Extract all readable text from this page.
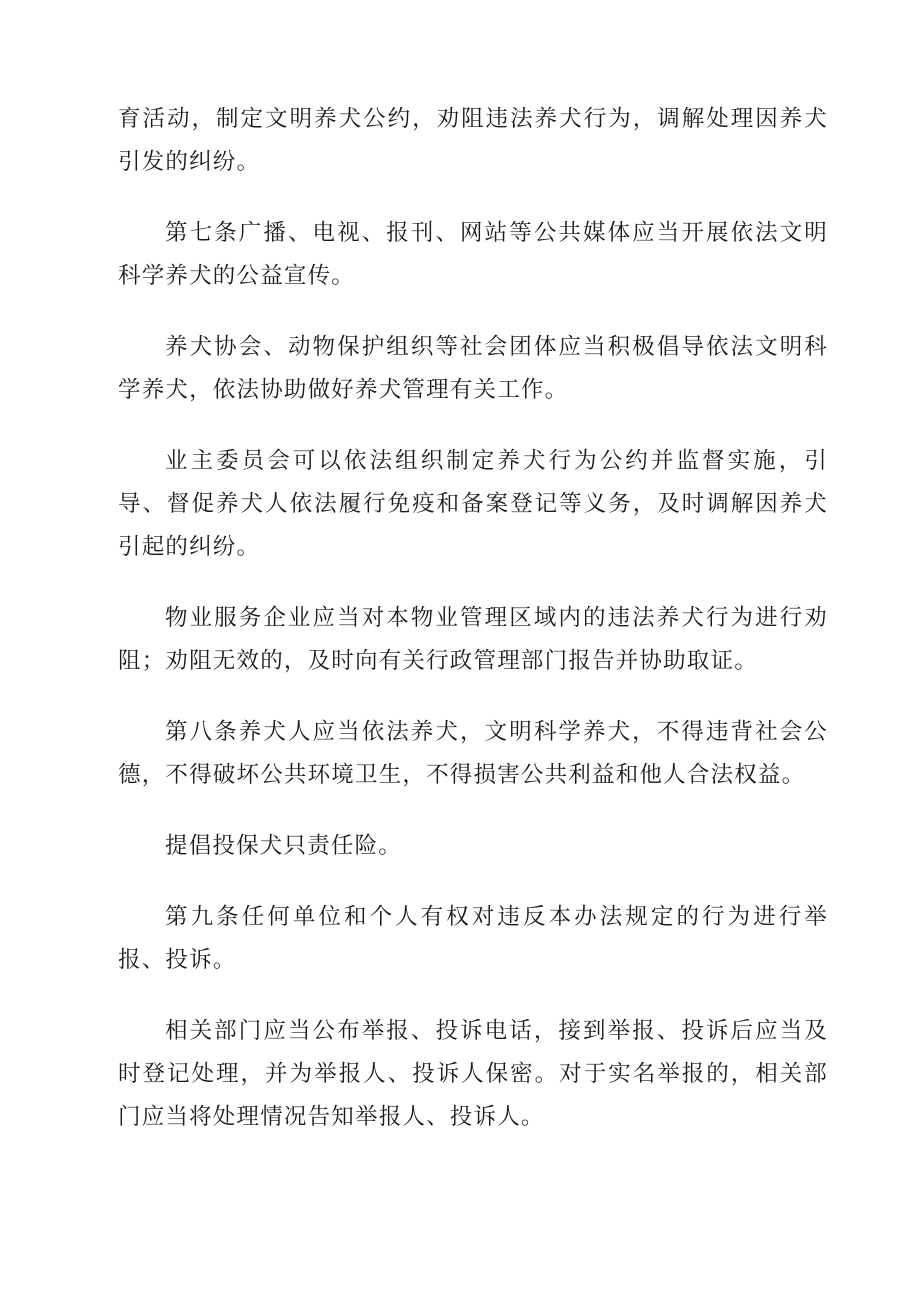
育活动，制定文明养犬公约，劝阻违法养犬行为，调解处理因养犬引发的纠纷。

第七条广播、电视、报刊、网站等公共媒体应当开展依法文明科学养犬的公益宣传。

养犬协会、动物保护组织等社会团体应当积极倡导依法文明科学养犬，依法协助做好养犬管理有关工作。

业主委员会可以依法组织制定养犬行为公约并监督实施，引导、督促养犬人依法履行免疫和备案登记等义务，及时调解因养犬引起的纠纷。

物业服务企业应当对本物业管理区域内的违法养犬行为进行劝阻；劝阻无效的，及时向有关行政管理部门报告并协助取证。

第八条养犬人应当依法养犬，文明科学养犬，不得违背社会公德，不得破坏公共环境卫生，不得损害公共利益和他人合法权益。

提倡投保犬只责任险。

第九条任何单位和个人有权对违反本办法规定的行为进行举报、投诉。

相关部门应当公布举报、投诉电话，接到举报、投诉后应当及时登记处理，并为举报人、投诉人保密。对于实名举报的，相关部门应当将处理情况告知举报人、投诉人。
